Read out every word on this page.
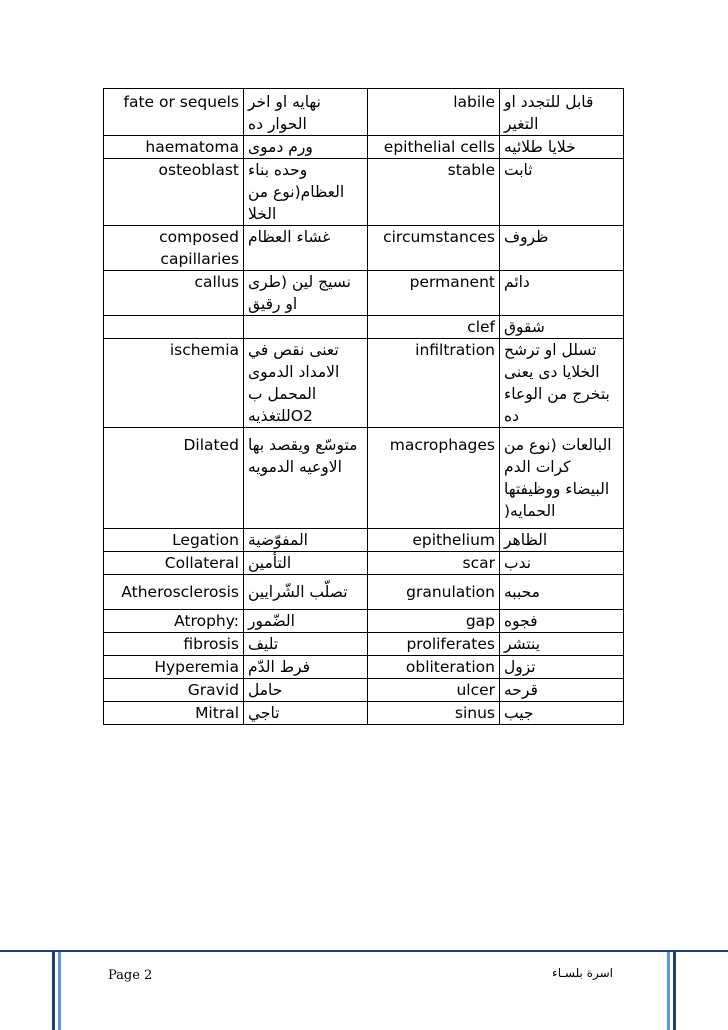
fate or sequels	نهايه او اخر الحوار ده	labile	قابل للتجدد او التغير
haematoma	ورم دموى	epithelial cells	خلايا طلائيه
osteoblast	وحده بناء العظام(نوع من الخلا	stable	ثابت
composed capillaries	غشاء العظام	circumstances	ظروف
callus	نسيج لين (طرى او رقيق	permanent	دائم
		clef	شقوق
ischemia	تعنى نقص في الامداد الدموى المحمل ب O2للتغذيه	infiltration	تسلل او ترشح الخلايا دى يعنى بتخرج من الوعاء ده
Dilated	متوسّع ويقصد بها الاوعيه الدمويه	macrophages	البالعات (نوع من كرات الدم البيضاء ووظيفتها الحمايه(
Legation	المفوّضية	epithelium	الظاهر
Collateral	التأمين	scar	ندب
Atherosclerosis	تصلّب الشّرايين	granulation	محببه
Atrophy:	الضّمور	gap	فجوه
fibrosis	تليف	proliferates	ينتشر
Hyperemia	فرط الدّم	obliteration	تزول
Gravid	حامل	ulcer	قرحه
Mitral	تاجي	sinus	جيب
Page 2	اسرة بلسـاء
